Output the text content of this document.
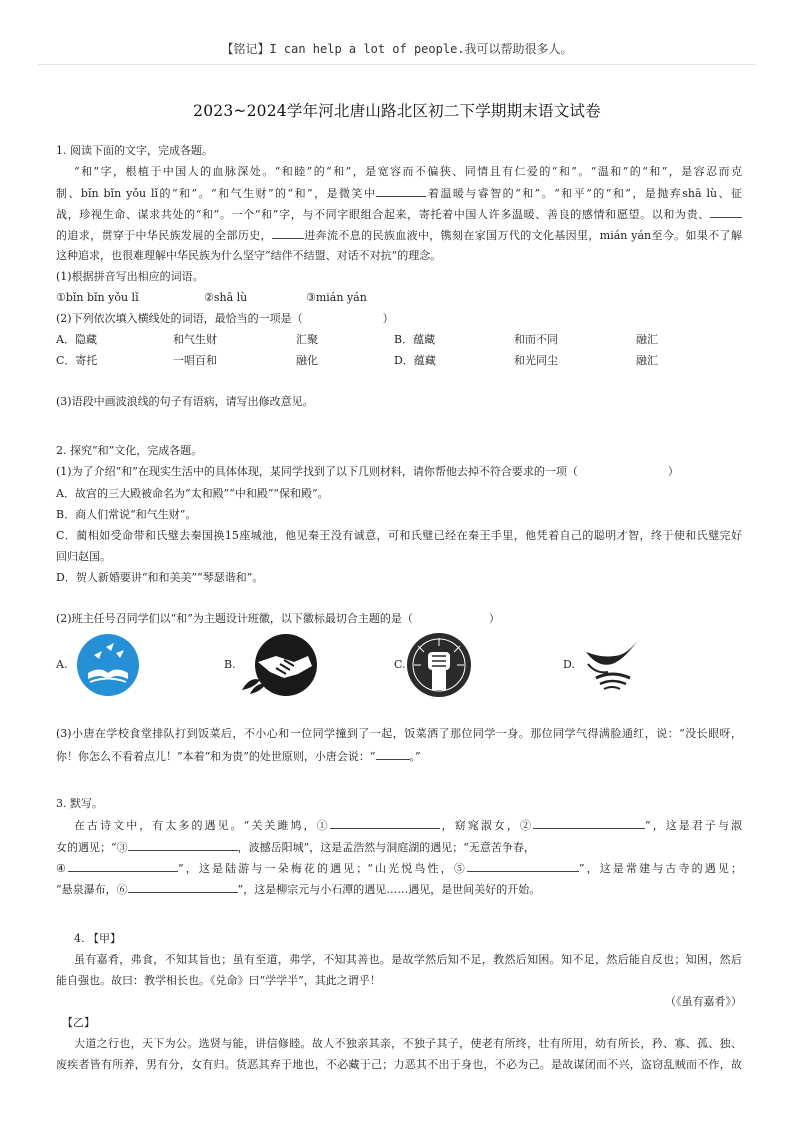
【铭记】I can help a lot of people.我可以帮助很多人。
2023~2024学年河北唐山路北区初二下学期期末语文试卷
1. 阅读下面的文字，完成各题。
“和”字，根植于中国人的血脉深处。“和睦”的“和”，是宽容而不偏狭、同情且有仁爱的“和”。“温和”的“和”，是容忍而克
制、bǐn bǐn yǒu lǐ的“和”。“和气生财”的“和”，是微笑中	着温暖与睿智的“和”。“和平”的“和”，是抛弃shā lù、征
战，珍视生命、谋求共处的“和”。一个“和”字，与不同字眼组合起来，寄托着中国人许多温暖、善良的感情和愿望。以和为贵、
的追求，贯穿于中华民族发展的全部历史，	进奔流不息的民族血液中，镌刻在家国万代的文化基因里，mián yán至今。如果不了解
这种追求，也很难理解中华民族为什么坚守“结伴不结盟、对话不对抗”的理念。
(1)根据拼音写出相应的词语。
①bǐn bǐn yǒu lǐ	②shā lù	③mián yán
(2)下列依次填入横线处的词语，最恰当的一项是（	）
A．隐藏	和气生财	汇聚	B．蕴藏	和而不同	融汇
C．寄托	一唱百和	融化	D．蕴藏	和光同尘	融汇
(3)语段中画波浪线的句子有语病，请写出修改意见。
2. 探究“和”文化，完成各题。
(1)为了介绍“和”在现实生活中的具体体现，某同学找到了以下几则材料，请你帮他去掉不符合要求的一项（	）
A．故宫的三大殿被命名为“太和殿”“中和殿”“保和殿”。
B．商人们常说“和气生财”。
C．蔺相如受命带和氏璧去秦国换15座城池，他见秦王没有诚意，可和氏璧已经在秦王手里，他凭着自己的聪明才智，终于使和氏璧完好
回归赵国。
D．贺人新婚要讲“和和美美”“琴瑟谐和”。
(2)班主任号召同学们以“和”为主题设计班徽，以下徽标最切合主题的是（	）
A.	B.	C.	D.
(3)小唐在学校食堂排队打到饭菜后，不小心和一位同学撞到了一起，饭菜洒了那位同学一身。那位同学气得满脸通红，说：“没长眼呀，
你！你怎么不看着点儿！”本着“和为贵”的处世原则，小唐会说：“	。”
3. 默写。
在古诗文中，有太多的遇见。“关关雎鸠，①	，窈窕淑女，②	”，这是君子与淑
女的遇见；“③	，波撼岳阳城”，这是孟浩然与洞庭湖的遇见；“无意苦争春，
④	”，这是陆游与一朵梅花的遇见；“山光悦鸟性，⑤	”，这是常建与古寺的遇见；
“悬泉瀑布，⑥	”，这是柳宗元与小石潭的遇见……遇见，是世间美好的开始。
4. 【甲】
虽有嘉肴，弗食，不知其旨也；虽有至道，弗学，不知其善也。是故学然后知不足，教然后知困。知不足，然后能自反也；知困，然后
能自强也。故曰：教学相长也。《兑命》曰“学学半”，其此之谓乎！
（《虽有嘉肴》）
【乙】
大道之行也，天下为公。选贤与能，讲信修睦。故人不独亲其亲，不独子其子，使老有所终，壮有所用，幼有所长，矜、寡、孤、独、
废疾者皆有所养，男有分，女有归。货恶其弃于地也，不必藏于己；力恶其不出于身也，不必为己。是故谋闭而不兴，盗窃乱贼而不作，故
